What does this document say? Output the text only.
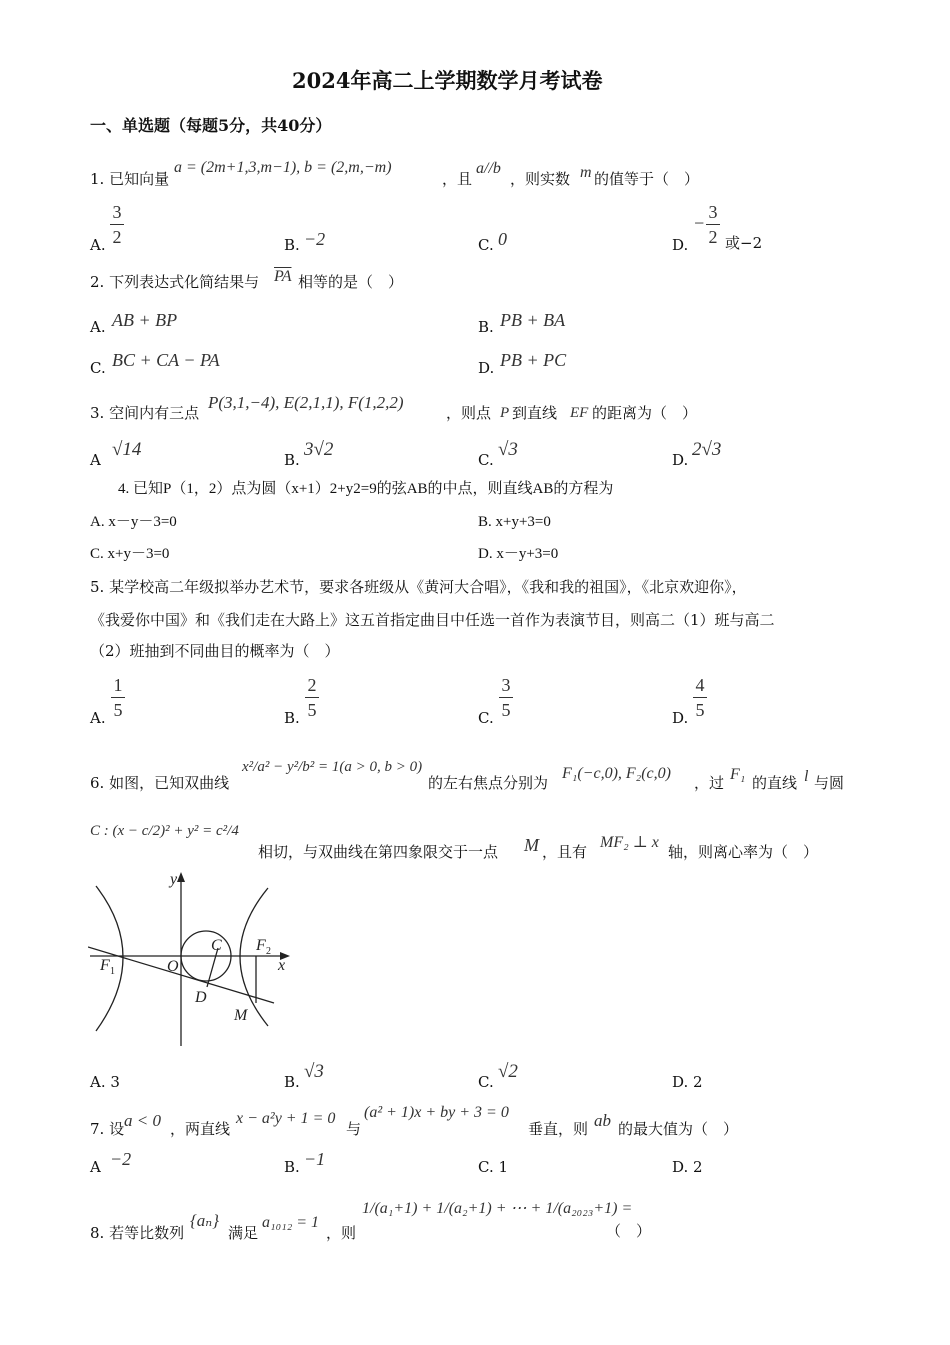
2024年高二上学期数学月考试卷
一、单选题（每题5分，共40分）
1. 已知向量
a = (2m+1,3,m−1), b = (2,m,−m)
，且
a//b
，则实数 m 的值等于（　）
A.
3
2	B. −2	C. 0	D.
−
3
2 或−2
2. 下列表达式化简结果与 $\overline{PA}$ 相等的是（　）
A. AB + BP	B. PB + BA
C. BC + CA − PA	D. PB + PC
3. 空间内有三点
P(3,1,−4), E(2,1,1), F(1,2,2)
，则点 P 到直线 EF 的距离为（　）
A √14	B. 3√2	C. √3	D. 2√3
4. 已知P（1，2）点为圆（x+1）2+y2=9的弦AB的中点，则直线AB的方程为
A. x－y－3=0	B. x+y+3=0
C. x+y－3=0	D. x－y+3=0
5. 某学校高二年级拟举办艺术节，要求各班级从《黄河大合唱》，《我和我的祖国》，《北京欢迎你》，
《我爱你中国》和《我们走在大路上》这五首指定曲目中任选一首作为表演节目，则高二（1）班与高二
（2）班抽到不同曲目的概率为（　）
A.
1
5	B.
2
5	C.
3
5	D.
4
5
6. 如图，已知双曲线
x²/a² − y²/b² = 1(a > 0, b > 0)
的左右焦点分别为
F₁(−c,0), F₂(c,0)
，过 F₁ 的直线 l 与圆
C : (x − c/2)² + y² = c²/4
相切，与双曲线在第四象限交于一点 M ，且有
MF₂ ⊥ x
轴，则离心率为（　）
y
x
O
C
F 1
F 2
D
M
A. 3	B. √3	C. √2	D. 2
7. 设 a < 0 ，两直线
x − a²y + 1 = 0
与
(a² + 1)x + by + 3 = 0
垂直，则 ab 的最大值为（　）
A −2	B. −1	C. 1	D. 2
8. 若等比数列
{aₙ}
满足
a₁₀₁₂ = 1
，则
1/(a₁+1) + 1/(a₂+1) + ⋯ + 1/(a₂₀₂₃+1) =
（　）
